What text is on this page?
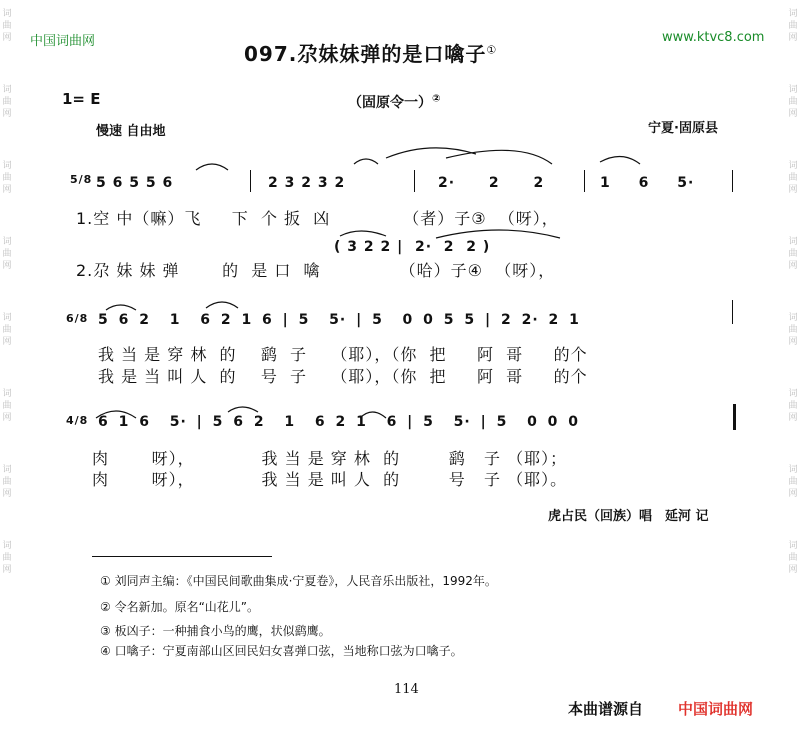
词曲网
词曲网
词曲网
词曲网
词曲网
词曲网
词曲网
词曲网
词曲网
词曲网
词曲网
词曲网
词曲网
词曲网
词曲网
词曲网
中国词曲网	www.ktvc8.com
097.尕妹妹弹的是口噙子①
1= E	（固原令一）②
慢速 自由地	宁夏·固原县
5/8 5 6 5 5 6	2 3 2 3 2	2· 2 2	1 6 5·
1.空 中（嘛）飞     下  个 扳  凶            （者）子③  （呀），
( 3 2 2 |  2·  2  2 )
2.尕 妹 妹 弹       的  是 口  噙             （哈）子④  （呀），
6/8 5 6 2  1  6 2 1 6 | 5  5· | 5  0 0 5 5 | 2 2· 2 1
我 当 是 穿 林  的    鹞  子    （耶），（你  把     阿  哥     的个
我 是 当 叫 人  的    号  子    （耶），（你  把     阿  哥     的个
4/8 6 1 6  5· | 5 6 2  1  6 2 1  6 | 5  5· | 5  0 0 0
肉       呀），           我 当 是 穿 林  的        鹞   子 （耶）；
肉       呀），           我 当 是 叫 人  的        号   子 （耶）。
虎占民（回族）唱　延河 记
① 刘同声主编：《中国民间歌曲集成·宁夏卷》，人民音乐出版社，1992年。
② 令名新加。原名“山花儿”。
③ 板凶子：一种捕食小鸟的鹰，状似鹞鹰。
④ 口噙子：宁夏南部山区回民妇女喜弹口弦，当地称口弦为口噙子。
114
本曲谱源自 中国词曲网
